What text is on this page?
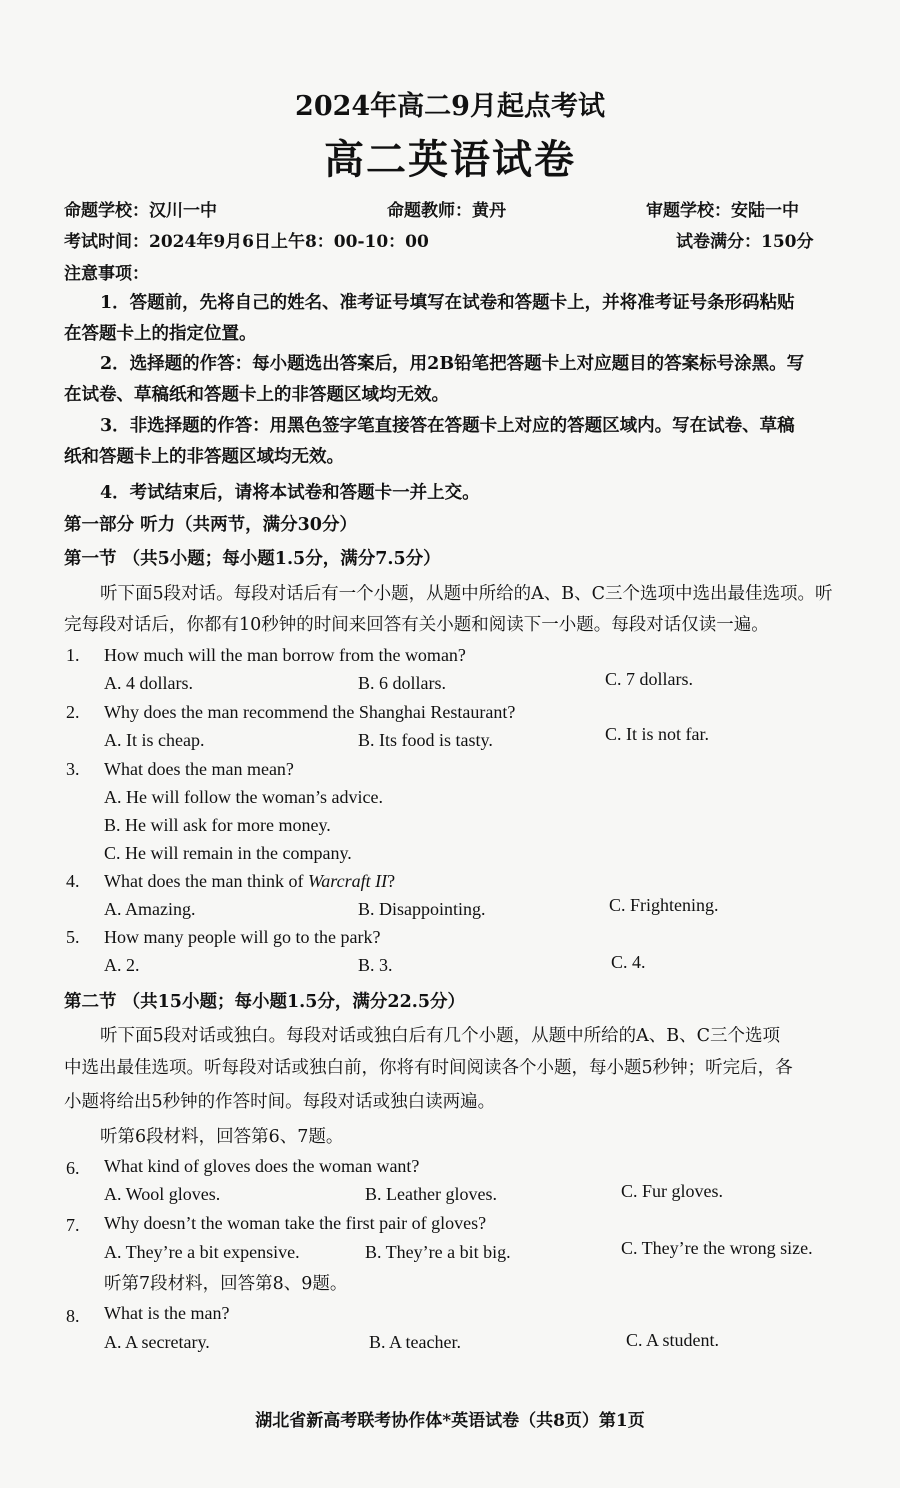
2024年高二9月起点考试
高二英语试卷
命题学校：汉川一中	命题教师：黄丹	审题学校：安陆一中
考试时间：2024年9月6日上午8：00-10：00	试卷满分：150分
注意事项：
1．答题前，先将自己的姓名、准考证号填写在试卷和答题卡上，并将准考证号条形码粘贴
在答题卡上的指定位置。
2．选择题的作答：每小题选出答案后，用2B铅笔把答题卡上对应题目的答案标号涂黑。写
在试卷、草稿纸和答题卡上的非答题区域均无效。
3．非选择题的作答：用黑色签字笔直接答在答题卡上对应的答题区域内。写在试卷、草稿
纸和答题卡上的非答题区域均无效。
4．考试结束后，请将本试卷和答题卡一并上交。
第一部分 听力（共两节，满分30分）
第一节 （共5小题；每小题1.5分，满分7.5分）
听下面5段对话。每段对话后有一个小题，从题中所给的A、B、C三个选项中选出最佳选项。听
完每段对话后，你都有10秒钟的时间来回答有关小题和阅读下一小题。每段对话仅读一遍。
1. How much will the man borrow from the woman?
A. 4 dollars.	B. 6 dollars.	C. 7 dollars.
2. Why does the man recommend the Shanghai Restaurant?
A. It is cheap.	B. Its food is tasty.	C. It is not far.
3. What does the man mean?
A. He will follow the woman’s advice.
B. He will ask for more money.
C. He will remain in the company.
4. What does the man think of Warcraft II?
A. Amazing.	B. Disappointing.	C. Frightening.
5. How many people will go to the park?
A. 2.	B. 3.	C. 4.
第二节 （共15小题；每小题1.5分，满分22.5分）
听下面5段对话或独白。每段对话或独白后有几个小题，从题中所给的A、B、C三个选项
中选出最佳选项。听每段对话或独白前，你将有时间阅读各个小题，每小题5秒钟；听完后，各
小题将给出5秒钟的作答时间。每段对话或独白读两遍。
听第6段材料，回答第6、7题。
6. What kind of gloves does the woman want?
A. Wool gloves.	B. Leather gloves.	C. Fur gloves.
7. Why doesn’t the woman take the first pair of gloves?
A. They’re a bit expensive.	B. They’re a bit big.	C. They’re the wrong size.
听第7段材料，回答第8、9题。
8. What is the man?
A. A secretary.	B. A teacher.	C. A student.
湖北省新高考联考协作体*英语试卷（共8页）第1页
